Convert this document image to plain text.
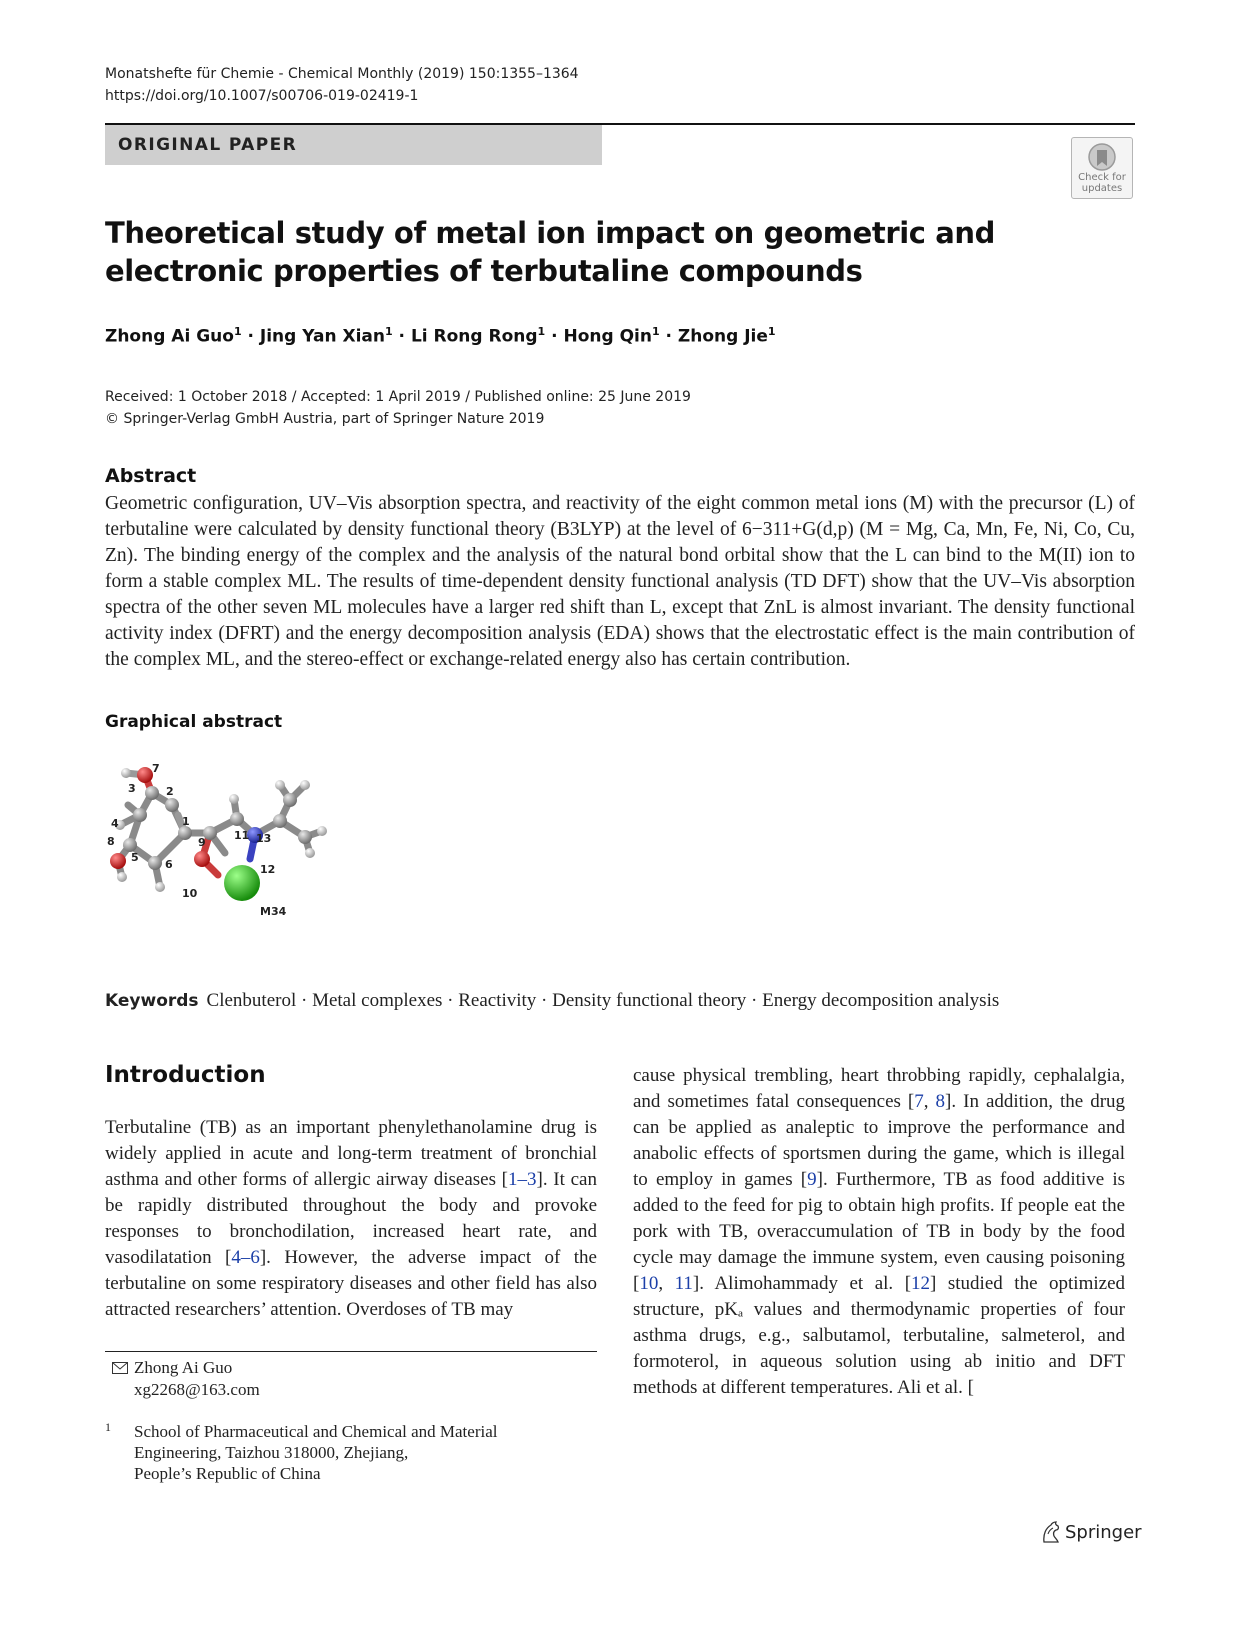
Monatshefte für Chemie - Chemical Monthly (2019) 150:1355–1364
https://doi.org/10.1007/s00706-019-02419-1
ORIGINAL PAPER
Check for
updates
Theoretical study of metal ion impact on geometric and electronic properties of terbutaline compounds
Zhong Ai Guo$^1$ · Jing Yan Xian$^1$ · Li Rong Rong$^1$ · Hong Qin$^1$ · Zhong Jie$^1$
Received: 1 October 2018 / Accepted: 1 April 2019 / Published online: 25 June 2019
© Springer-Verlag GmbH Austria, part of Springer Nature 2019
Abstract
Geometric configuration, UV–Vis absorption spectra, and reactivity of the eight common metal ions (M) with the precursor (L) of terbutaline were calculated by density functional theory (B3LYP) at the level of 6−311+G(d,p) (M = Mg, Ca, Mn, Fe, Ni, Co, Cu, Zn). The binding energy of the complex and the analysis of the natural bond orbital show that the L can bind to the M(II) ion to form a stable complex ML. The results of time-dependent density functional analysis (TD DFT) show that the UV–Vis absorption spectra of the other seven ML molecules have a larger red shift than L, except that ZnL is almost invariant. The density functional activity index (DFRT) and the energy decomposition analysis (EDA) shows that the electrostatic effect is the main contribution of the complex ML, and the stereo-effect or exchange-related energy also has certain contribution.
Graphical abstract
7
3	2
4
8
5
1
6
9
11 13
12
10
M34
Keywords Clenbuterol · Metal complexes · Reactivity · Density functional theory · Energy decomposition analysis
Introduction
Terbutaline (TB) as an important phenylethanolamine drug is widely applied in acute and long-term treatment of bronchial asthma and other forms of allergic airway diseases [1–3]. It can be rapidly distributed throughout the body and provoke responses to bronchodilation, increased heart rate, and vasodilatation [4–6]. However, the adverse impact of the terbutaline on some respiratory diseases and other field has also attracted researchers’ attention. Overdoses of TB may
cause physical trembling, heart throbbing rapidly, cephalalgia, and sometimes fatal consequences [7, 8]. In addition, the drug can be applied as analeptic to improve the performance and anabolic effects of sportsmen during the game, which is illegal to employ in games [9]. Furthermore, TB as food additive is added to the feed for pig to obtain high profits. If people eat the pork with TB, overaccumulation of TB in body by the food cycle may damage the immune system, even causing poisoning [10, 11]. Alimohammady et al. [12] studied the optimized structure, pKₐ values and thermodynamic properties of four asthma drugs, e.g., salbutamol, terbutaline, salmeterol, and formoterol, in aqueous solution using ab initio and DFT methods at different temperatures. Ali et al. [
Zhong Ai Guo
xg2268@163.com
1 School of Pharmaceutical and Chemical and Material
Engineering, Taizhou 318000, Zhejiang,
People’s Republic of China
Springer
